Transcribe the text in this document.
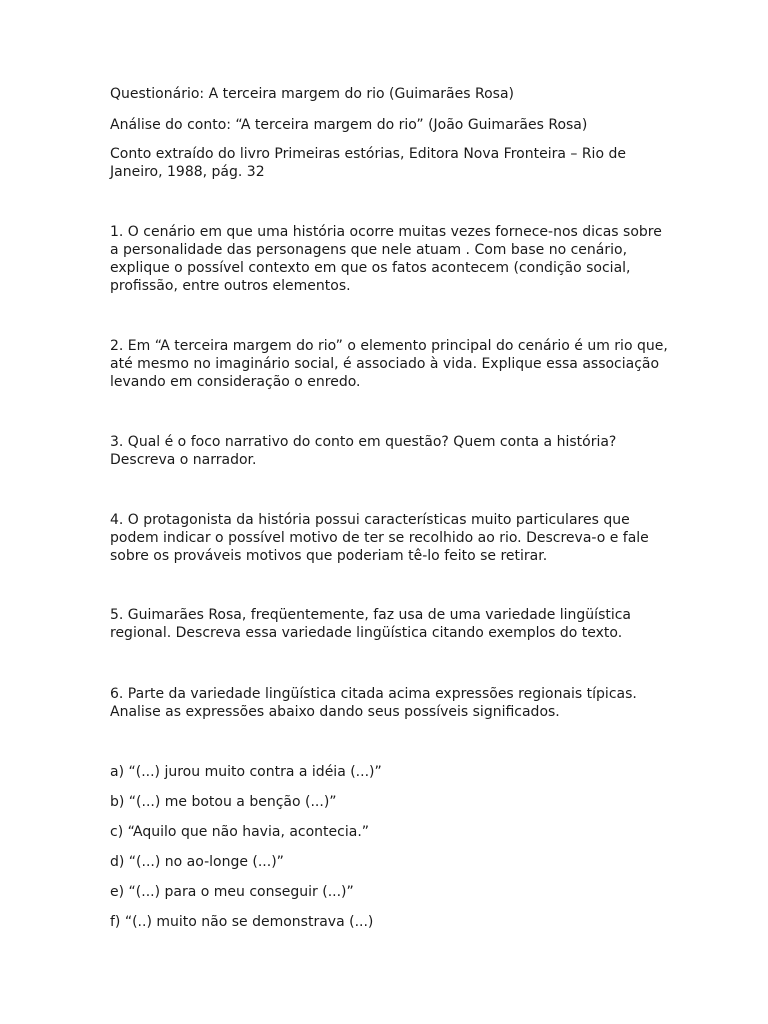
Questionário: A terceira margem do rio (Guimarães Rosa)

Análise do conto: “A terceira margem do rio” (João Guimarães Rosa)

Conto extraído do livro Primeiras estórias, Editora Nova Fronteira – Rio de Janeiro, 1988, pág. 32

1. O cenário em que uma história ocorre muitas vezes fornece-nos dicas sobre a personalidade das personagens que nele atuam . Com base no cenário, explique o possível contexto em que os fatos acontecem (condição social, profissão, entre outros elementos.

2. Em “A terceira margem do rio” o elemento principal do cenário é um rio que, até mesmo no imaginário social, é associado à vida. Explique essa associação levando em consideração o enredo.

3. Qual é o foco narrativo do conto em questão? Quem conta a história? Descreva o narrador.

4. O protagonista da história possui características muito particulares que podem indicar o possível motivo de ter se recolhido ao rio. Descreva-o e fale sobre os prováveis motivos que poderiam tê-lo feito se retirar.

5. Guimarães Rosa, freqüentemente, faz usa de uma variedade lingüística regional. Descreva essa variedade lingüística citando exemplos do texto.

6. Parte da variedade lingüística citada acima expressões regionais típicas. Analise as expressões abaixo dando seus possíveis significados.

a) “(...) jurou muito contra a idéia (...)”

b) “(...) me botou a benção (...)”

c) “Aquilo que não havia, acontecia.”

d) “(...) no ao-longe (...)”

e) “(...) para o meu conseguir (...)”

f) “(..) muito não se demonstrava (...)
